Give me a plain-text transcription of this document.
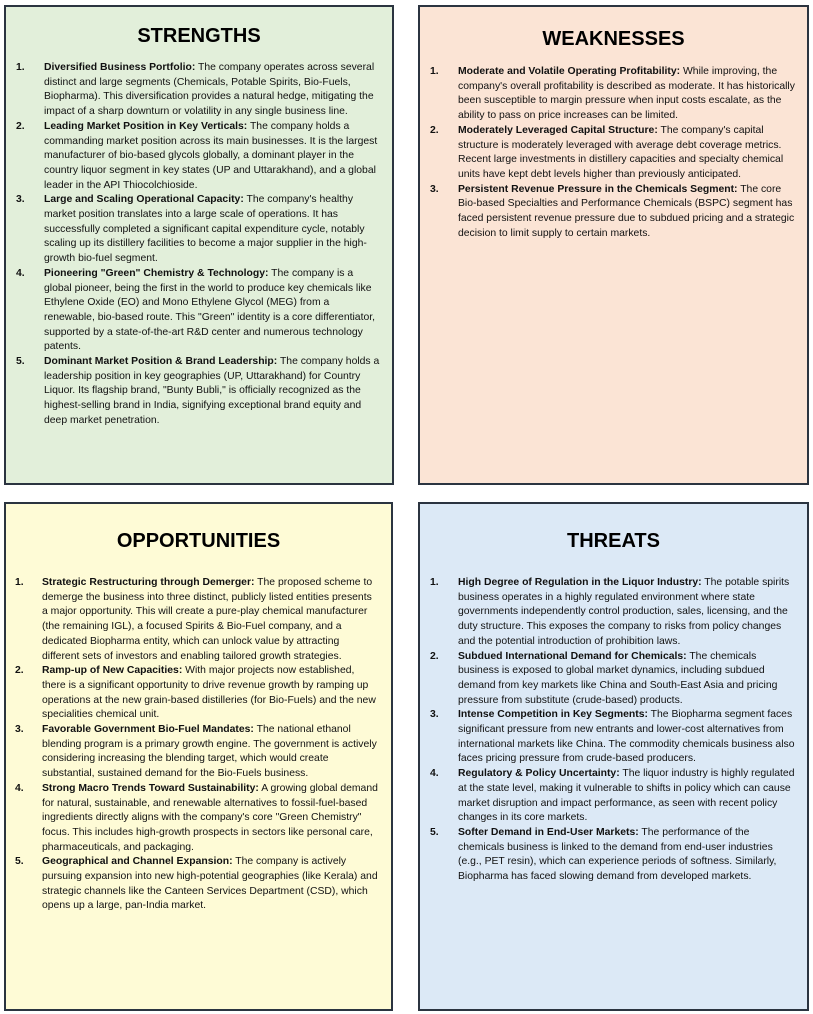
STRENGTHS
1.	Diversified Business Portfolio: The company operates across several distinct and large segments (Chemicals, Potable Spirits, Bio-Fuels, Biopharma). This diversification provides a natural hedge, mitigating the impact of a sharp downturn or volatility in any single business line.
2.	Leading Market Position in Key Verticals: The company holds a commanding market position across its main businesses. It is the largest manufacturer of bio-based glycols globally, a dominant player in the country liquor segment in key states (UP and Uttarakhand), and a global leader in the API Thiocolchioside.
3.	Large and Scaling Operational Capacity: The company's healthy market position translates into a large scale of operations. It has successfully completed a significant capital expenditure cycle, notably scaling up its distillery facilities to become a major supplier in the high-growth bio-fuel segment.
4.	Pioneering "Green" Chemistry & Technology: The company is a global pioneer, being the first in the world to produce key chemicals like Ethylene Oxide (EO) and Mono Ethylene Glycol (MEG) from a renewable, bio-based route. This "Green" identity is a core differentiator, supported by a state-of-the-art R&D center and numerous technology patents.
5.	Dominant Market Position & Brand Leadership: The company holds a leadership position in key geographies (UP, Uttarakhand) for Country Liquor. Its flagship brand, "Bunty Bubli," is officially recognized as the highest-selling brand in India, signifying exceptional brand equity and deep market penetration.
WEAKNESSES
1.	Moderate and Volatile Operating Profitability: While improving, the company's overall profitability is described as moderate. It has historically been susceptible to margin pressure when input costs escalate, as the ability to pass on price increases can be limited.
2.	Moderately Leveraged Capital Structure: The company's capital structure is moderately leveraged with average debt coverage metrics. Recent large investments in distillery capacities and specialty chemical units have kept debt levels higher than previously anticipated.
3.	Persistent Revenue Pressure in the Chemicals Segment: The core Bio-based Specialties and Performance Chemicals (BSPC) segment has faced persistent revenue pressure due to subdued pricing and a strategic decision to limit supply to certain markets.
OPPORTUNITIES
1.	Strategic Restructuring through Demerger: The proposed scheme to demerge the business into three distinct, publicly listed entities presents a major opportunity. This will create a pure-play chemical manufacturer (the remaining IGL), a focused Spirits & Bio-Fuel company, and a dedicated Biopharma entity, which can unlock value by attracting different sets of investors and enabling tailored growth strategies.
2.	Ramp-up of New Capacities: With major projects now established, there is a significant opportunity to drive revenue growth by ramping up operations at the new grain-based distilleries (for Bio-Fuels) and the new specialities chemical unit.
3.	Favorable Government Bio-Fuel Mandates: The national ethanol blending program is a primary growth engine. The government is actively considering increasing the blending target, which would create substantial, sustained demand for the Bio-Fuels business.
4.	Strong Macro Trends Toward Sustainability: A growing global demand for natural, sustainable, and renewable alternatives to fossil-fuel-based ingredients directly aligns with the company's core "Green Chemistry" focus. This includes high-growth prospects in sectors like personal care, pharmaceuticals, and packaging.
5.	Geographical and Channel Expansion: The company is actively pursuing expansion into new high-potential geographies (like Kerala) and strategic channels like the Canteen Services Department (CSD), which opens up a large, pan-India market.
THREATS
1.	High Degree of Regulation in the Liquor Industry: The potable spirits business operates in a highly regulated environment where state governments independently control production, sales, licensing, and the duty structure. This exposes the company to risks from policy changes and the potential introduction of prohibition laws.
2.	Subdued International Demand for Chemicals: The chemicals business is exposed to global market dynamics, including subdued demand from key markets like China and South-East Asia and pricing pressure from substitute (crude-based) products.
3.	Intense Competition in Key Segments: The Biopharma segment faces significant pressure from new entrants and lower-cost alternatives from international markets like China. The commodity chemicals business also faces pricing pressure from crude-based producers.
4.	Regulatory & Policy Uncertainty: The liquor industry is highly regulated at the state level, making it vulnerable to shifts in policy which can cause market disruption and impact performance, as seen with recent policy changes in its core markets.
5.	Softer Demand in End-User Markets: The performance of the chemicals business is linked to the demand from end-user industries (e.g., PET resin), which can experience periods of softness. Similarly, Biopharma has faced slowing demand from developed markets.
